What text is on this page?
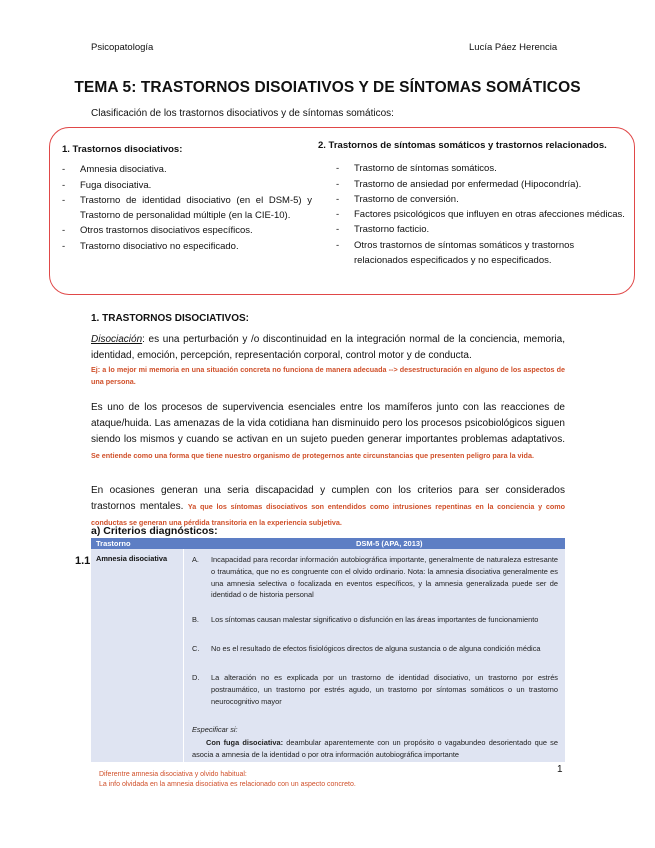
Psicopatología	Lucía Páez Herencia
TEMA 5: TRASTORNOS DISOIATIVOS Y DE SÍNTOMAS SOMÁTICOS
Clasificación de los trastornos disociativos y de síntomas somáticos:
1. Trastornos disociativos:
- Amnesia disociativa.
- Fuga disociativa.
- Trastorno de identidad disociativo (en el DSM-5) y Trastorno de personalidad múltiple (en la CIE-10).
- Otros trastornos disociativos específicos.
- Trastorno disociativo no especificado.
2. Trastornos de síntomas somáticos y trastornos relacionados.
- Trastorno de síntomas somáticos.
- Trastorno de ansiedad por enfermedad (Hipocondría).
- Trastorno de conversión.
- Factores psicológicos que influyen en otras afecciones médicas.
- Trastorno facticio.
- Otros trastornos de síntomas somáticos y trastornos relacionados especificados y no especificados.
1. TRASTORNOS DISOCIATIVOS:
Disociación: es una perturbación y /o discontinuidad en la integración normal de la conciencia, memoria, identidad, emoción, percepción, representación corporal, control motor y de conducta.
Ej: a lo mejor mi memoria en una situación concreta no funciona de manera adecuada --> desestructuración en alguno de los aspectos de una persona.
Es uno de los procesos de supervivencia esenciales entre los mamíferos junto con las reacciones de ataque/huida. Las amenazas de la vida cotidiana han disminuido pero los procesos psicobiológicos siguen siendo los mismos y cuando se activan en un sujeto pueden generar importantes problemas adaptativos. Se entiende como una forma que tiene nuestro organismo de protegernos ante circunstancias que presenten peligro para la vida.
En ocasiones generan una seria discapacidad y cumplen con los criterios para ser considerados trastornos mentales. Ya que los síntomas disociativos son entendidos como intrusiones repentinas en la conciencia y como conductas se generan una pérdida transitoria en la experiencia subjetiva.
a) Criterios diagnósticos:
1.1
Trastorno	DSM-5 (APA, 2013)
Amnesia disociativa	A. Incapacidad para recordar información autobiográfica importante, generalmente de naturaleza estresante o traumática, que no es congruente con el olvido ordinario. Nota: la amnesia disociativa generalmente es una amnesia selectiva o focalizada en eventos específicos, y la amnesia generalizada puede ser de identidad o de historia personal
B. Los síntomas causan malestar significativo o disfunción en las áreas importantes de funcionamiento
C. No es el resultado de efectos fisiológicos directos de alguna sustancia o de alguna condición médica
D. La alteración no es explicada por un trastorno de identidad disociativo, un trastorno por estrés postraumático, un trastorno por estrés agudo, un trastorno por síntomas somáticos o un trastorno neurocognitivo mayor
Especificar si:
Con fuga disociativa: deambular aparentemente con un propósito o vagabundeo desorientado que se asocia a amnesia de la identidad o por otra información autobiográfica importante
1
Diferentre amnesia disociativa y olvido habitual:
La info olvidada en la amnesia disociativa es relacionado con un aspecto concreto.
